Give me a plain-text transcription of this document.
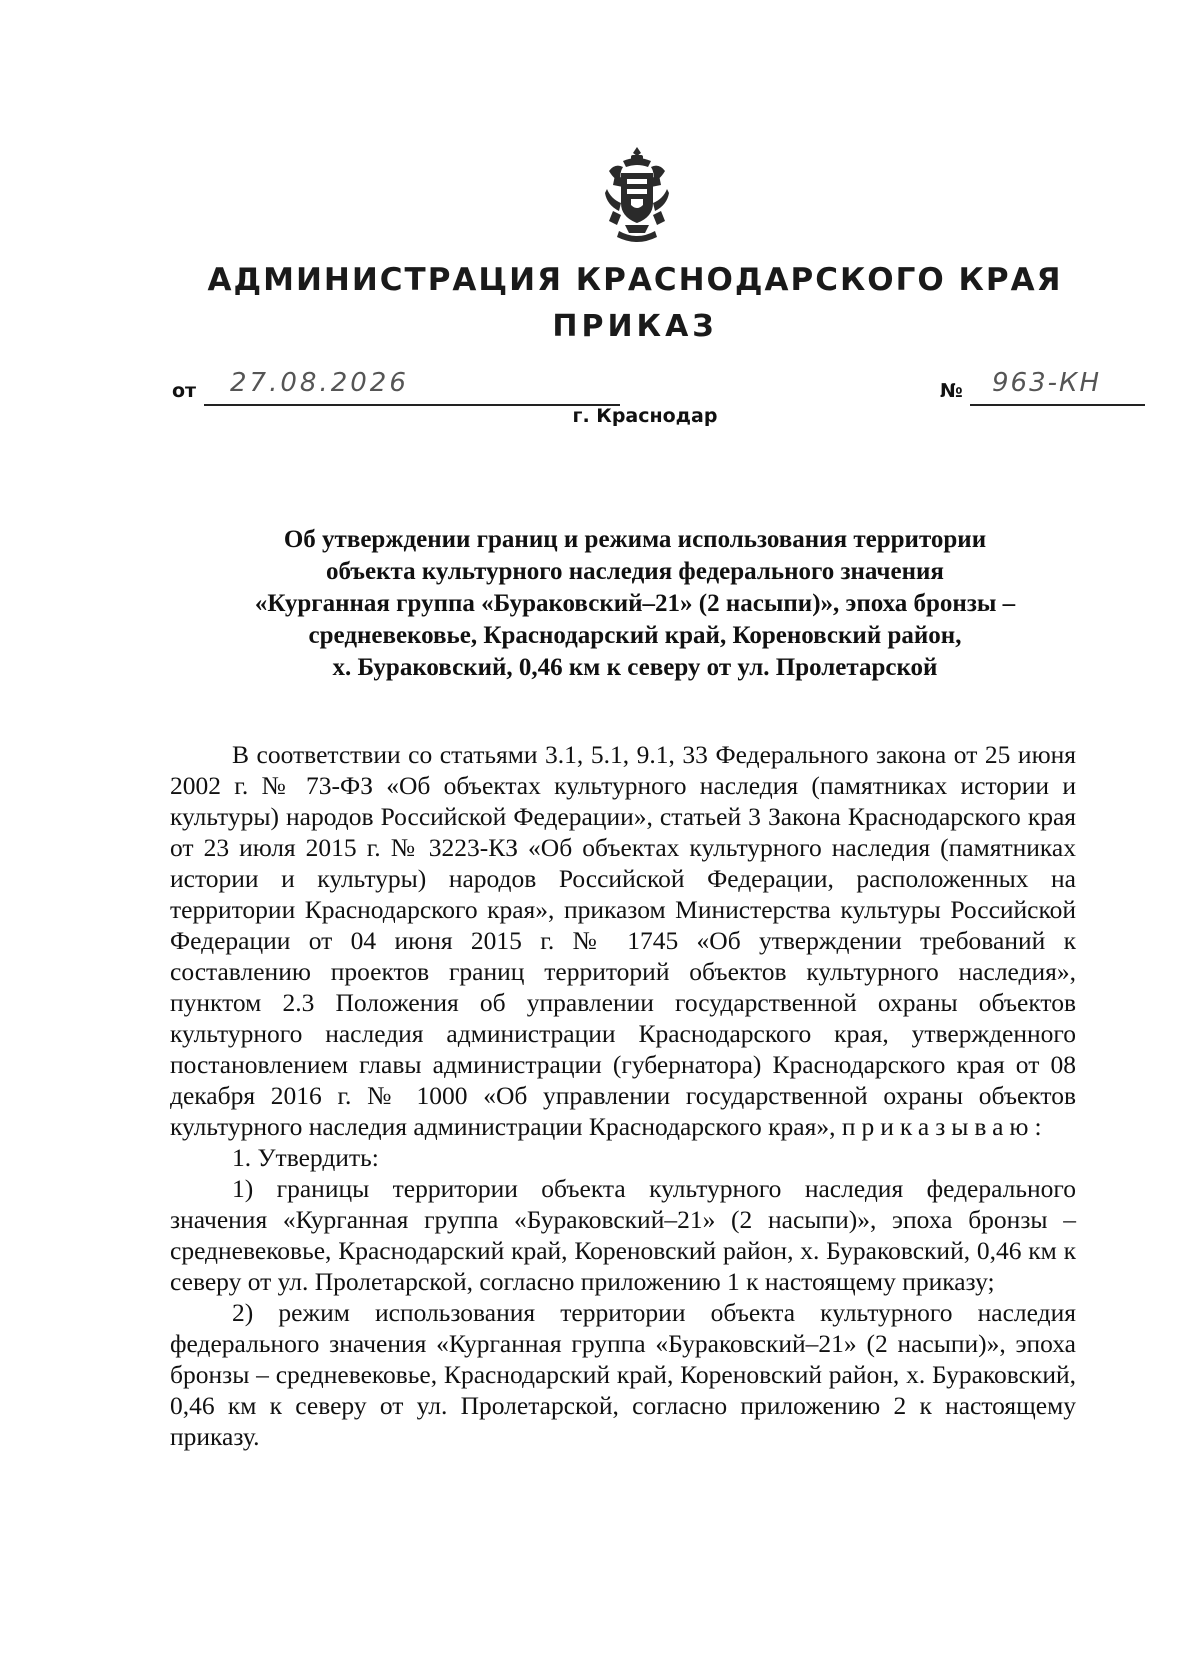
АДМИНИСТРАЦИЯ КРАСНОДАРСКОГО КРАЯ
ПРИКАЗ
от 27.08.2026
г. Краснодар
№ 963-КН
Об утверждении границ и режима использования территории
объекта культурного наследия федерального значения
«Курганная группа «Бураковский–21» (2 насыпи)», эпоха бронзы –
средневековье, Краснодарский край, Кореновский район,
х. Бураковский, 0,46 км к северу от ул. Пролетарской

В соответствии со статьями 3.1, 5.1, 9.1, 33 Федерального закона от 25 июня 2002 г. № 73-ФЗ «Об объектах культурного наследия (памятниках истории и культуры) народов Российской Федерации», статьей 3 Закона Краснодарского края от 23 июля 2015 г. № 3223-КЗ «Об объектах культурного наследия (памятниках истории и культуры) народов Российской Федерации, расположенных на территории Краснодарского края», приказом Министерства культуры Российской Федерации от 04 июня 2015 г. № 1745 «Об утверждении требований к составлению проектов границ территорий объектов культурного наследия», пунктом 2.3 Положения об управлении государственной охраны объектов культурного наследия администрации Краснодарского края, утвержденного постановлением главы администрации (губернатора) Краснодарского края от 08 декабря 2016 г. № 1000 «Об управлении государственной охраны объектов культурного наследия администрации Краснодарского края», приказываю:

1. Утвердить:

1) границы территории объекта культурного наследия федерального значения «Курганная группа «Бураковский–21» (2 насыпи)», эпоха бронзы – средневековье, Краснодарский край, Кореновский район, х. Бураковский, 0,46 км к северу от ул. Пролетарской, согласно приложению 1 к настоящему приказу;

2) режим использования территории объекта культурного наследия федерального значения «Курганная группа «Бураковский–21» (2 насыпи)», эпоха бронзы – средневековье, Краснодарский край, Кореновский район, х. Бураковский, 0,46 км к северу от ул. Пролетарской, согласно приложению 2 к настоящему приказу.
